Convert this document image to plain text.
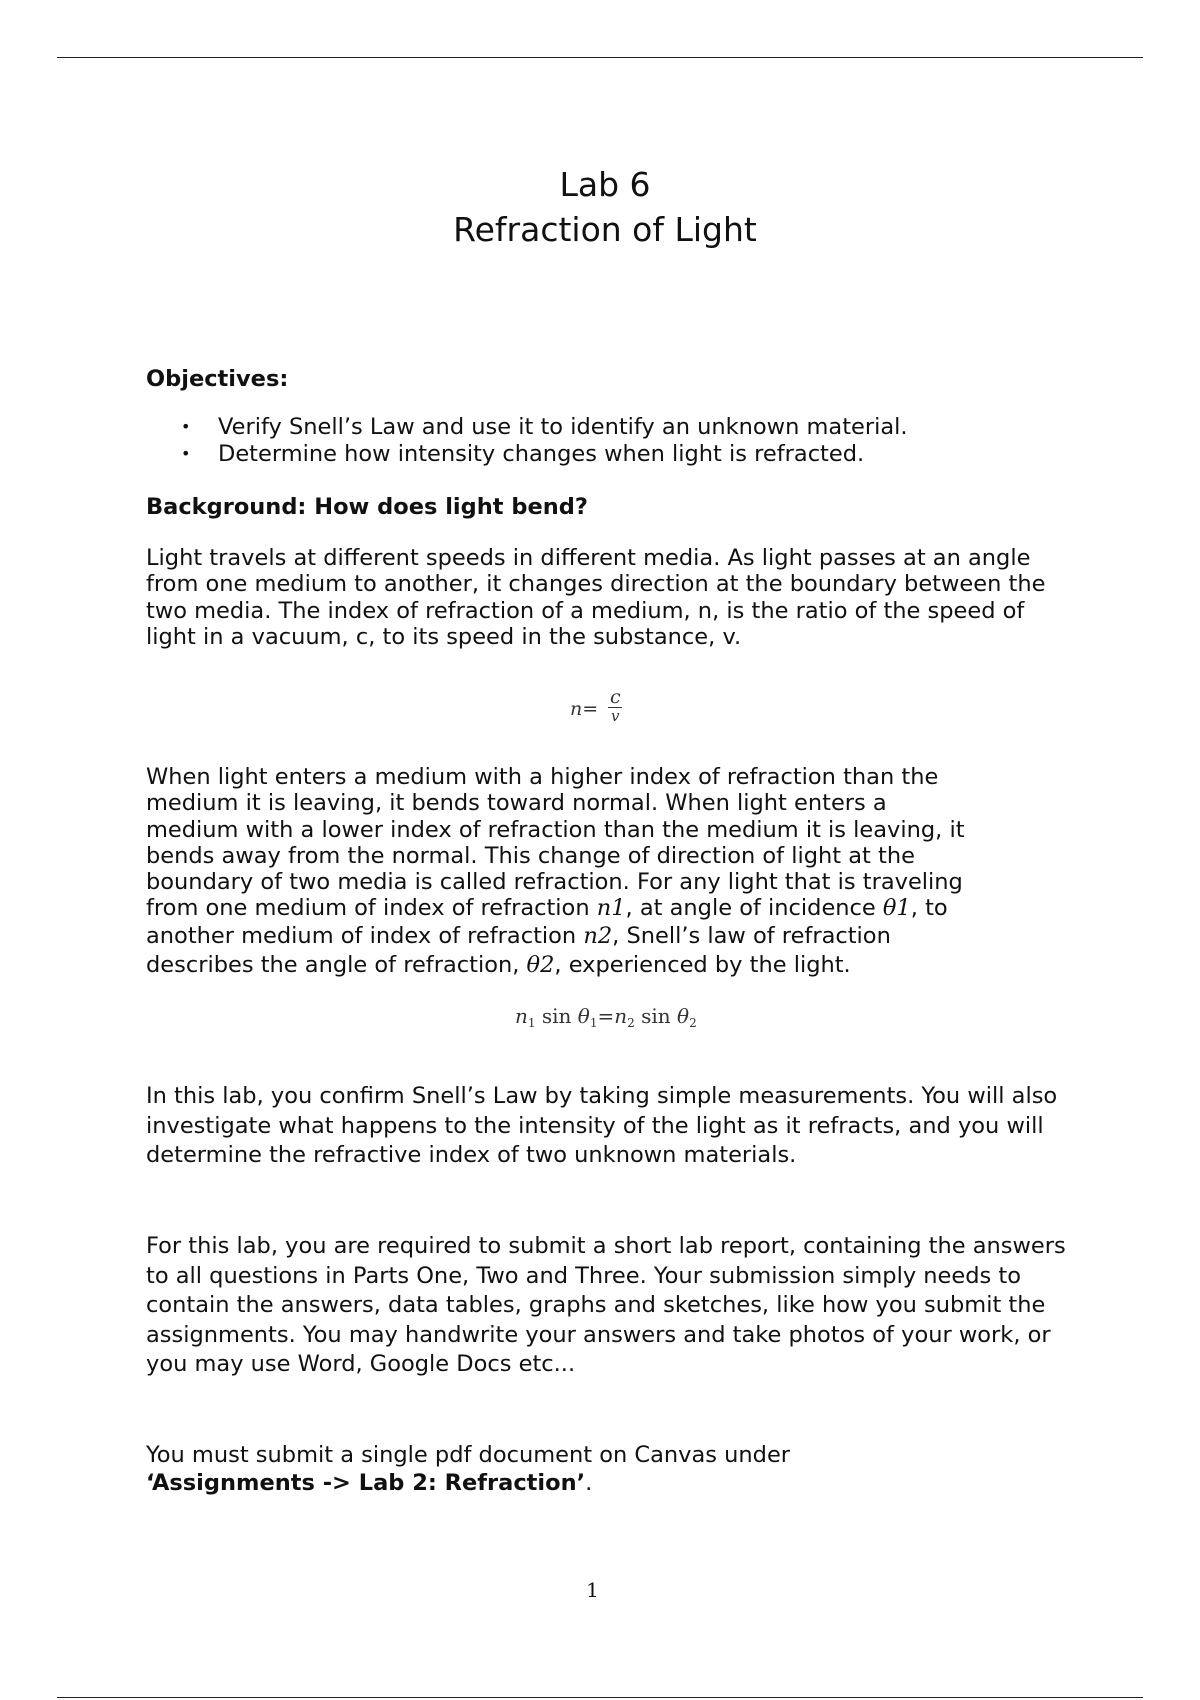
Lab 6
Refraction of Light
Objectives:
• Verify Snell’s Law and use it to identify an unknown material.
• Determine how intensity changes when light is refracted.
Background: How does light bend?
Light travels at different speeds in different media. As light passes at an angle from one medium to another, it changes direction at the boundary between the two media. The index of refraction of a medium, n, is the ratio of the speed of light in a vacuum, c, to its speed in the substance, v.
n=
c
v
When light enters a medium with a higher index of refraction than the
medium it is leaving, it bends toward normal. When light enters a
medium with a lower index of refraction than the medium it is leaving, it
bends away from the normal. This change of direction of light at the
boundary of two media is called refraction. For any light that is traveling
from one medium of index of refraction n1, at angle of incidence θ1, to
another medium of index of refraction n2, Snell’s law of refraction
describes the angle of refraction, θ2, experienced by the light.
$n_1$ $\sin \theta_1=n_2$ $\sin \theta_2$
In this lab, you confirm Snell’s Law by taking simple measurements. You will also investigate what happens to the intensity of the light as it refracts, and you will determine the refractive index of two unknown materials.
For this lab, you are required to submit a short lab report, containing the answers to all questions in Parts One, Two and Three. Your submission simply needs to contain the answers, data tables, graphs and sketches, like how you submit the assignments. You may handwrite your answers and take photos of your work, or you may use Word, Google Docs etc...
You must submit a single pdf document on Canvas under
‘Assignments -> Lab 2: Refraction’.
1
